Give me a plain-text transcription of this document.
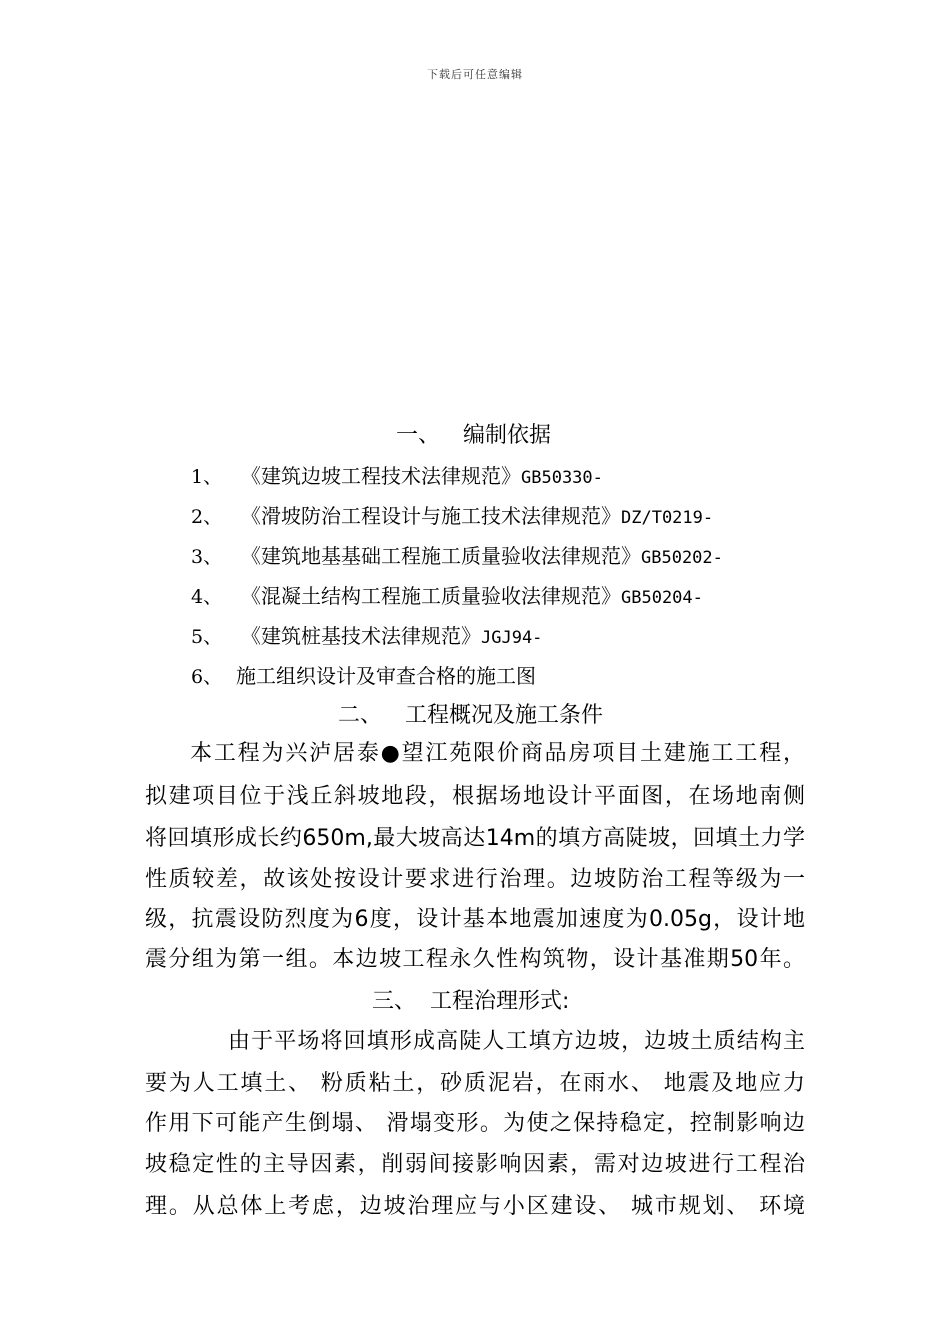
下载后可任意编辑
一、 编制依据
1、 《建筑边坡工程技术法律规范》GB50330-
2、 《滑坡防治工程设计与施工技术法律规范》DZ/T0219-
3、 《建筑地基基础工程施工质量验收法律规范》GB50202-
4、 《混凝土结构工程施工质量验收法律规范》GB50204-
5、 《建筑桩基技术法律规范》JGJ94-
6、 施工组织设计及审查合格的施工图
二、 工程概况及施工条件
本工程为兴泸居泰●望江苑限价商品房项目土建施工工程，
拟建项目位于浅丘斜坡地段，根据场地设计平面图，在场地南侧
将回填形成长约650m,最大坡高达14m的填方高陡坡，回填土力学
性质较差，故该处按设计要求进行治理。边坡防治工程等级为一
级，抗震设防烈度为6度，设计基本地震加速度为0.05g，设计地
震分组为第一组。本边坡工程永久性构筑物，设计基准期50年。
三、 工程治理形式:
由于平场将回填形成高陡人工填方边坡，边坡土质结构主
要为人工填土、 粉质粘土，砂质泥岩，在雨水、 地震及地应力
作用下可能产生倒塌、 滑塌变形。为使之保持稳定，控制影响边
坡稳定性的主导因素，削弱间接影响因素，需对边坡进行工程治
理。从总体上考虑，边坡治理应与小区建设、 城市规划、 环境
